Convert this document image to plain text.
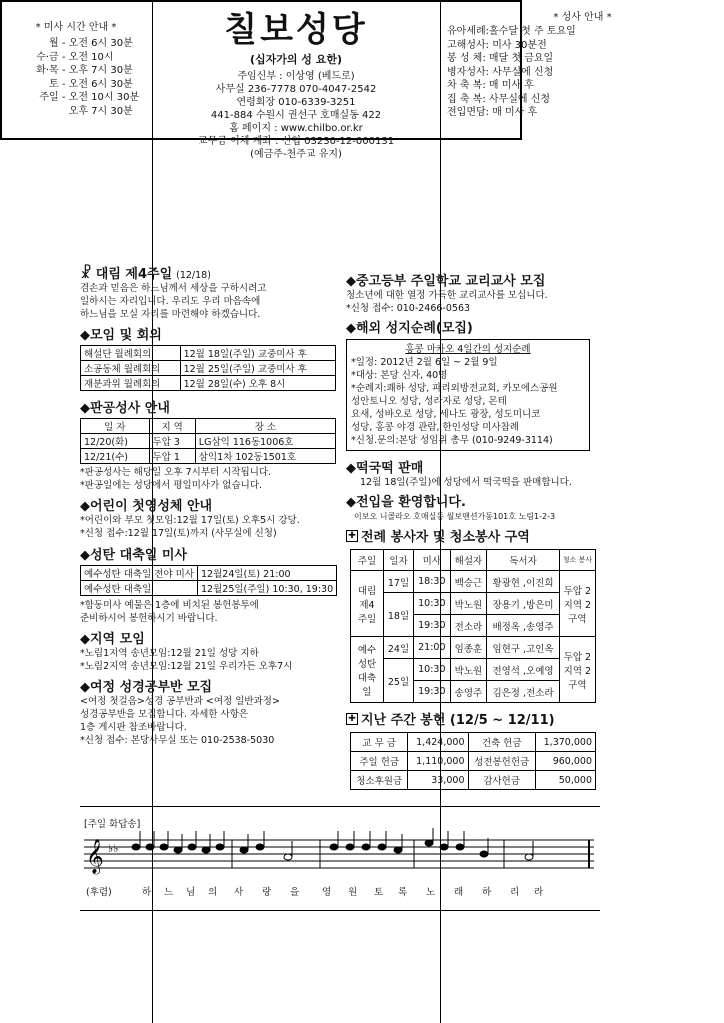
* 미사 시간 안내 *
월 - 오전 6시 30분
수·금 - 오전 10시
화·목 - 오후 7시 30분
토 - 오전 6시 30분
주일 - 오전 10시 30분
오후 7시 30분
칠보성당
(십자가의 성 요한)
주임신부 : 이상영 (베드로)
사무실 236-7778 070-4047-2542
연령회장 010-6339-3251
441-884 수원시 권선구 호매실동 422
홈 페이지 : www.chilbo.or.kr
교무금 이체 계좌 : 신협 03230-12-000131
(예금주-천주교 유지)
* 성사 안내 *
유아세례:홀수달 첫 주 토요일
고해성사: 미사 30분전
봉 성 체: 매달 첫 금요일
병자성사: 사무실에 신청
차 축 복: 매 미사 후
집 축 복: 사무실에 신청
전입면담: 매 미사 후
☧ 대림 제4주일 (12/18)
겸손과 믿음은 하느님께서 세상을 구하시려고
일하시는 자리입니다. 우리도 우리 마음속에
하느님을 모실 자리를 마련해야 하겠습니다.
◆모임 및 회의
해설단 월례회의	12월 18일(주일) 교중미사 후
소공동체 월례회의	12월 25일(주일) 교중미사 후
재분과위 월례회의	12월 28일(수) 오후 8시
◆판공성사 안내
일 자	지 역	장 소
12/20(화)	두압 3	LG삼익 116동1006호
12/21(수)	두압 1	삼익1차 102동1501호
*판공성사는 해당일 오후 7시부터 시작됩니다.
*판공일에는 성당에서 평일미사가 없습니다.
◆어린이 첫영성체 안내
*어린이와 부모 첫모임:12월 17일(토) 오후5시 강당.
*신청 접수:12월 17일(토)까지 (사무실에 신청)
◆성탄 대축일 미사
예수성탄 대축일 전야 미사	12월24일(토) 21:00
예수성탄 대축일	12월25일(주일) 10:30, 19:30
*합동미사 예물은 1층에 비치된 봉헌봉투에
준비하시어 봉헌하시기 바랍니다.
◆지역 모임
*노림1지역 송년모임:12월 21일 성당 지하
*노림2지역 송년모임:12월 21일 우리가든 오후7시
◆여정 성경공부반 모집
<여정 첫걸음>성경 공부반과 <여정 일반과정>
성경공부반을 모집합니다. 자세한 사항은
1층 게시판 참조바랍니다.
*신청 접수: 본당사무실 또는 010-2538-5030
◆중고등부 주일학교 교리교사 모집
청소년에 대한 열정 가득한 교리교사를 모십니다.
*신청 접수: 010-2466-0563
◆해외 성지순례(모집)
홍콩 마카오 4일간의 성지순례
*일정: 2012년 2월 6일 ~ 2월 9일
*대상: 본당 신자, 40명
*순례지:쾌하 성당, 파리외방전교회, 카모에스공원
성안토니오 성당, 성라자로 성당, 몬테
요새, 성바오로 성당, 세나도 광장, 성도미니코
성당, 홍콩 야경 관람, 한인성당 미사참례
*신청.문의:본당 성임위 총무 (010-9249-3114)
◆떡국떡 판매
12월 18일(주일)에 성당에서 떡국떡을 판매합니다.
◆전입을 환영합니다.
이보오 니콜라오 호매실동 월보맨션가동101호 노림1-2-3
✚ 전례 봉사자 및 청소봉사 구역
주일	일자	미사	해설자	독서자	청소 봉사
대림 제4 주일	17일	18:30	백승근	황광현 ,이진희	두압 2지역 2구역
	18일	10:30	박노원	장용기 ,방은미	
		19:30	전소라	배정옥 ,송영주	
예수 성탄 대축일	24일	21:00	임종훈	임현구 ,고인옥	두압 2지역 2구역
	25일	10:30	박노원	전영석 ,오예영	
		19:30	송영주	김은정 ,전소라	
✚ 지난 주간 봉헌 (12/5 ~ 12/11)
교 무 금	1,424,000	건축 헌금	1,370,000
주일 헌금	1,110,000	성전봉헌헌금	960,000
청소후원금	33,000	감사헌금	50,000
[주일 화답송]
𝄞 ♭♭
(후렴)	하 느 님 의 사 랑 을 영 원 토 록 노 래 하 리 라
